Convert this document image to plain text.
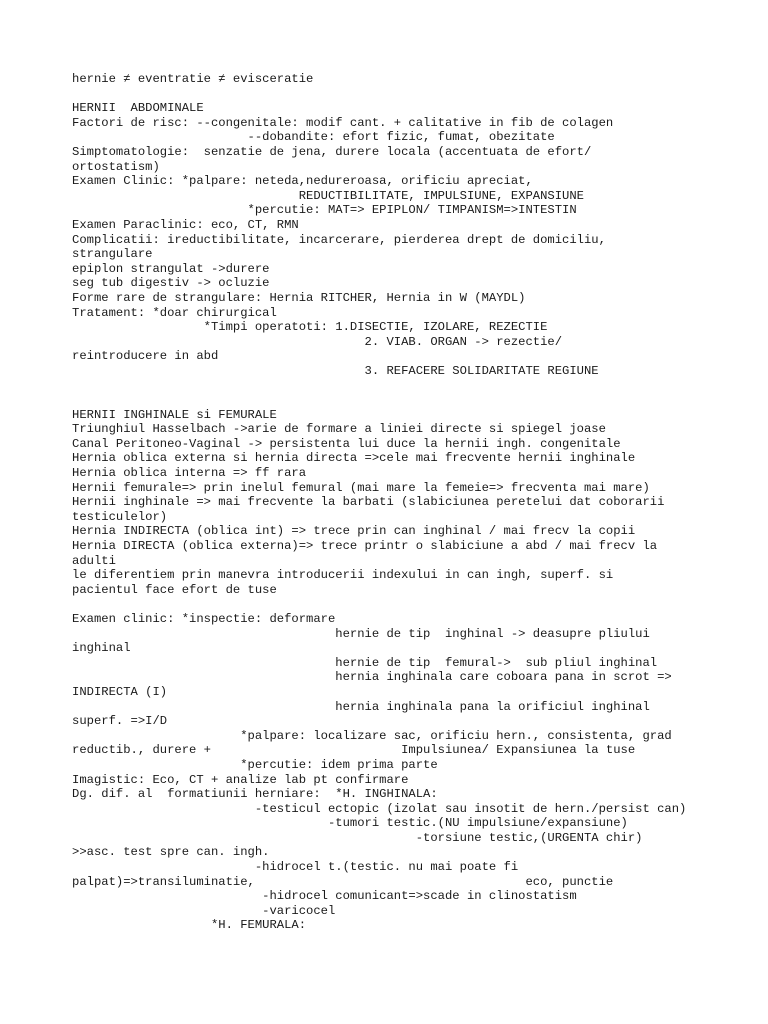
hernie ≠ eventratie ≠ evisceratie
HERNII  ABDOMINALE
Factori de risc: --congenitale: modif cant. + calitative in fib de colagen
--dobandite: efort fizic, fumat, obezitate
Simptomatologie:  senzatie de jena, durere locala (accentuata de efort/
ortostatism)
Examen Clinic: *palpare: neteda,nedureroasa, orificiu apreciat,
REDUCTIBILITATE, IMPULSIUNE, EXPANSIUNE
*percutie: MAT=> EPIPLON/ TIMPANISM=>INTESTIN
Examen Paraclinic: eco, CT, RMN
Complicatii: ireductibilitate, incarcerare, pierderea drept de domiciliu,
strangulare
epiplon strangulat ->durere
seg tub digestiv -> ocluzie
Forme rare de strangulare: Hernia RITCHER, Hernia in W (MAYDL)
Tratament: *doar chirurgical
*Timpi operatoti: 1.DISECTIE, IZOLARE, REZECTIE
2. VIAB. ORGAN -> rezectie/
reintroducere in abd
3. REFACERE SOLIDARITATE REGIUNE
HERNII INGHINALE si FEMURALE
Triunghiul Hasselbach ->arie de formare a liniei directe si spiegel joase
Canal Peritoneo-Vaginal -> persistenta lui duce la hernii ingh. congenitale
Hernia oblica externa si hernia directa =>cele mai frecvente hernii inghinale
Hernia oblica interna => ff rara
Hernii femurale=> prin inelul femural (mai mare la femeie=> frecventa mai mare)
Hernii inghinale => mai frecvente la barbati (slabiciunea peretelui dat coborarii
testiculelor)
Hernia INDIRECTA (oblica int) => trece prin can inghinal / mai frecv la copii
Hernia DIRECTA (oblica externa)=> trece printr o slabiciune a abd / mai frecv la
adulti
le diferentiem prin manevra introducerii indexului in can ingh, superf. si
pacientul face efort de tuse
Examen clinic: *inspectie: deformare
hernie de tip  inghinal -> deasupre pliului
inghinal
hernie de tip  femural->  sub pliul inghinal
hernia inghinala care coboara pana in scrot =>
INDIRECTA (I)
hernia inghinala pana la orificiul inghinal
superf. =>I/D
*palpare: localizare sac, orificiu hern., consistenta, grad
reductib., durere +                          Impulsiunea/ Expansiunea la tuse
*percutie: idem prima parte
Imagistic: Eco, CT + analize lab pt confirmare
Dg. dif. al  formatiunii herniare:  *H. INGHINALA:
-testicul ectopic (izolat sau insotit de hern./persist can)
-tumori testic.(NU impulsiune/expansiune)
-torsiune testic,(URGENTA chir)
>>asc. test spre can. ingh.
-hidrocel t.(testic. nu mai poate fi
palpat)=>transiluminatie,                                     eco, punctie
-hidrocel comunicant=>scade in clinostatism
-varicocel
*H. FEMURALA:
